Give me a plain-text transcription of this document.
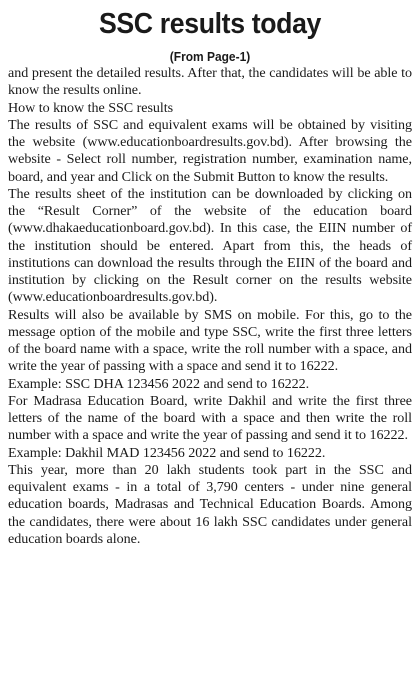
SSC results today
(From Page-1)

and present the detailed results. After that, the candidates will be able to know the results online.

How to know the SSC results

The results of SSC and equivalent exams will be obtained by visiting the website (www.educationboardresults.gov.bd). After browsing the website - Select roll number, registration number, examination name, board, and year and Click on the Submit Button to know the results.

The results sheet of the institution can be downloaded by clicking on the “Result Corner” of the website of the education board (www.dhakaeducationboard.gov.bd). In this case, the EIIN number of the institution should be entered. Apart from this, the heads of institutions can download the results through the EIIN of the board and institution by clicking on the Result corner on the results website (www.educationboardresults.gov.bd).

Results will also be available by SMS on mobile. For this, go to the message option of the mobile and type SSC, write the first three letters of the board name with a space, write the roll number with a space, and write the year of passing with a space and send it to 16222.

Example: SSC DHA 123456 2022 and send to 16222.

For Madrasa Education Board, write Dakhil and write the first three letters of the name of the board with a space and then write the roll number with a space and write the year of passing and send it to 16222.

Example: Dakhil MAD 123456 2022 and send to 16222.

This year, more than 20 lakh students took part in the SSC and equivalent exams - in a total of 3,790 centers - under nine general education boards, Madrasas and Technical Education Boards. Among the candidates, there were about 16 lakh SSC candidates under general education boards alone.
